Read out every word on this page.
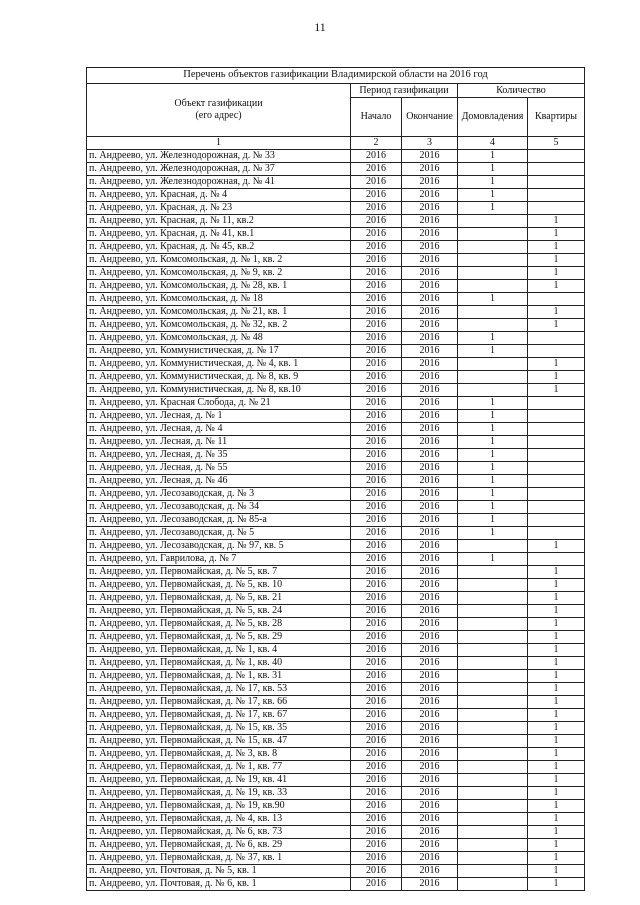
11
Перечень объектов газификации Владимирской области на 2016 год				
Объект газификации
(его адрес)	Период газификации		Количество	
	Начало	Окончание	Домовладения	Квартиры
1	2	3	4	5
п. Андреево, ул. Железнодорожная, д. № 33	2016	2016	1	
п. Андреево, ул. Железнодорожная, д. № 37	2016	2016	1	
п. Андреево, ул. Железнодорожная, д. № 41	2016	2016	1	
п. Андреево, ул. Красная, д. № 4	2016	2016	1	
п. Андреево, ул. Красная, д. № 23	2016	2016	1	
п. Андреево, ул. Красная, д. № 11, кв.2	2016	2016		1
п. Андреево, ул. Красная, д. № 41, кв.1	2016	2016		1
п. Андреево, ул. Красная, д. № 45, кв.2	2016	2016		1
п. Андреево, ул. Комсомольская, д. № 1, кв. 2	2016	2016		1
п. Андреево, ул. Комсомольская, д. № 9, кв. 2	2016	2016		1
п. Андреево, ул. Комсомольская, д. № 28, кв. 1	2016	2016		1
п. Андреево, ул. Комсомольская, д. № 18	2016	2016	1	
п. Андреево, ул. Комсомольская, д. № 21, кв. 1	2016	2016		1
п. Андреево, ул. Комсомольская, д. № 32, кв. 2	2016	2016		1
п. Андреево, ул. Комсомольская, д. № 48	2016	2016	1	
п. Андреево, ул. Коммунистическая, д. № 17	2016	2016	1	
п. Андреево, ул. Коммунистическая, д. № 4, кв. 1	2016	2016		1
п. Андреево, ул. Коммунистическая, д. № 8, кв. 9	2016	2016		1
п. Андреево, ул. Коммунистическая, д. № 8, кв.10	2016	2016		1
п. Андреево, ул. Красная Слобода, д. № 21	2016	2016	1	
п. Андреево, ул. Лесная, д. № 1	2016	2016	1	
п. Андреево, ул. Лесная, д. № 4	2016	2016	1	
п. Андреево, ул. Лесная, д. № 11	2016	2016	1	
п. Андреево, ул. Лесная, д. № 35	2016	2016	1	
п. Андреево, ул. Лесная, д. № 55	2016	2016	1	
п. Андреево, ул. Лесная, д. № 46	2016	2016	1	
п. Андреево, ул. Лесозаводская, д. № 3	2016	2016	1	
п. Андреево, ул. Лесозаводская, д. № 34	2016	2016	1	
п. Андреево, ул. Лесозаводская, д. № 85-а	2016	2016	1	
п. Андреево, ул. Лесозаводская, д. № 5	2016	2016	1	
п. Андреево, ул. Лесозаводская, д. № 97, кв. 5	2016	2016		1
п. Андреево, ул. Гаврилова, д. № 7	2016	2016	1	
п. Андреево, ул. Первомайская, д. № 5, кв. 7	2016	2016		1
п. Андреево, ул. Первомайская, д. № 5, кв. 10	2016	2016		1
п. Андреево, ул. Первомайская, д. № 5, кв. 21	2016	2016		1
п. Андреево, ул. Первомайская, д. № 5, кв. 24	2016	2016		1
п. Андреево, ул. Первомайская, д. № 5, кв. 28	2016	2016		1
п. Андреево, ул. Первомайская, д. № 5, кв. 29	2016	2016		1
п. Андреево, ул. Первомайская, д. № 1, кв. 4	2016	2016		1
п. Андреево, ул. Первомайская, д. № 1, кв. 40	2016	2016		1
п. Андреево, ул. Первомайская, д. № 1, кв. 31	2016	2016		1
п. Андреево, ул. Первомайская, д. № 17, кв. 53	2016	2016		1
п. Андреево, ул. Первомайская, д. № 17, кв. 66	2016	2016		1
п. Андреево, ул. Первомайская, д. № 17, кв. 67	2016	2016		1
п. Андреево, ул. Первомайская, д. № 15, кв. 35	2016	2016		1
п. Андреево, ул. Первомайская, д. № 15, кв. 47	2016	2016		1
п. Андреево, ул. Первомайская, д. № 3, кв. 8	2016	2016		1
п. Андреево, ул. Первомайская, д. № 1, кв. 77	2016	2016		1
п. Андреево, ул. Первомайская, д. № 19, кв. 41	2016	2016		1
п. Андреево, ул. Первомайская, д. № 19, кв. 33	2016	2016		1
п. Андреево, ул. Первомайская, д. № 19, кв.90	2016	2016		1
п. Андреево, ул. Первомайская, д. № 4, кв. 13	2016	2016		1
п. Андреево, ул. Первомайская, д. № 6, кв. 73	2016	2016		1
п. Андреево, ул. Первомайская, д. № 6, кв. 29	2016	2016		1
п. Андреево, ул. Первомайская, д. № 37, кв. 1	2016	2016		1
п. Андреево, ул. Почтовая, д. № 5, кв. 1	2016	2016		1
п. Андреево, ул. Почтовая, д. № 6, кв. 1	2016	2016		1
